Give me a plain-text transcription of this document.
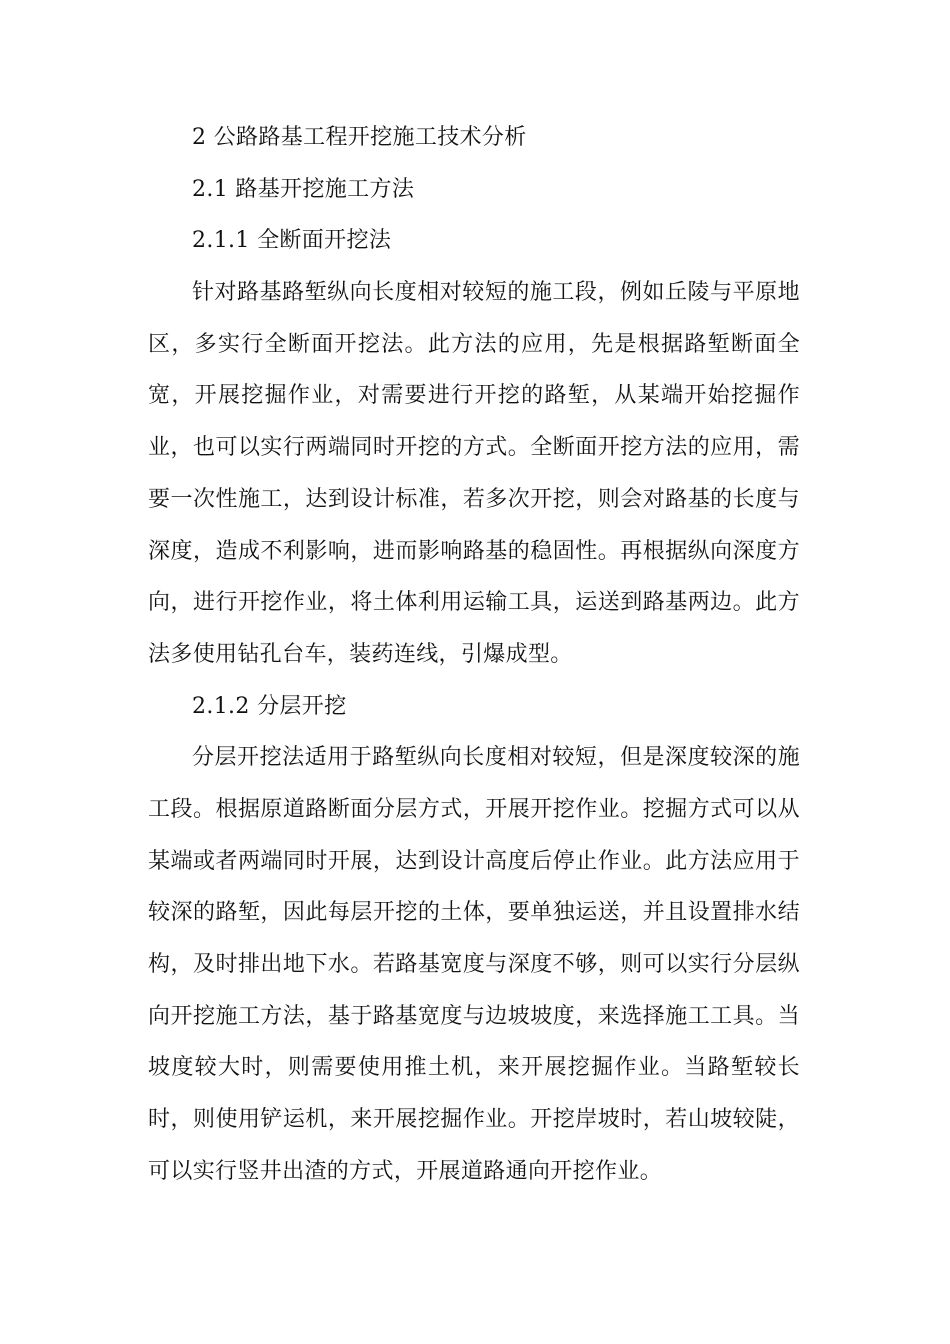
2 公路路基工程开挖施工技术分析
2.1 路基开挖施工方法
2.1.1 全断面开挖法
针对路基路堑纵向长度相对较短的施工段，例如丘陵与平原地
区，多实行全断面开挖法。此方法的应用，先是根据路堑断面全
宽，开展挖掘作业，对需要进行开挖的路堑，从某端开始挖掘作
业，也可以实行两端同时开挖的方式。全断面开挖方法的应用，需
要一次性施工，达到设计标准，若多次开挖，则会对路基的长度与
深度，造成不利影响，进而影响路基的稳固性。再根据纵向深度方
向，进行开挖作业，将土体利用运输工具，运送到路基两边。此方
法多使用钻孔台车，装药连线，引爆成型。
2.1.2 分层开挖
分层开挖法适用于路堑纵向长度相对较短，但是深度较深的施
工段。根据原道路断面分层方式，开展开挖作业。挖掘方式可以从
某端或者两端同时开展，达到设计高度后停止作业。此方法应用于
较深的路堑，因此每层开挖的土体，要单独运送，并且设置排水结
构，及时排出地下水。若路基宽度与深度不够，则可以实行分层纵
向开挖施工方法，基于路基宽度与边坡坡度，来选择施工工具。当
坡度较大时，则需要使用推土机，来开展挖掘作业。当路堑较长
时，则使用铲运机，来开展挖掘作业。开挖岸坡时，若山坡较陡，
可以实行竖井出渣的方式，开展道路通向开挖作业。
